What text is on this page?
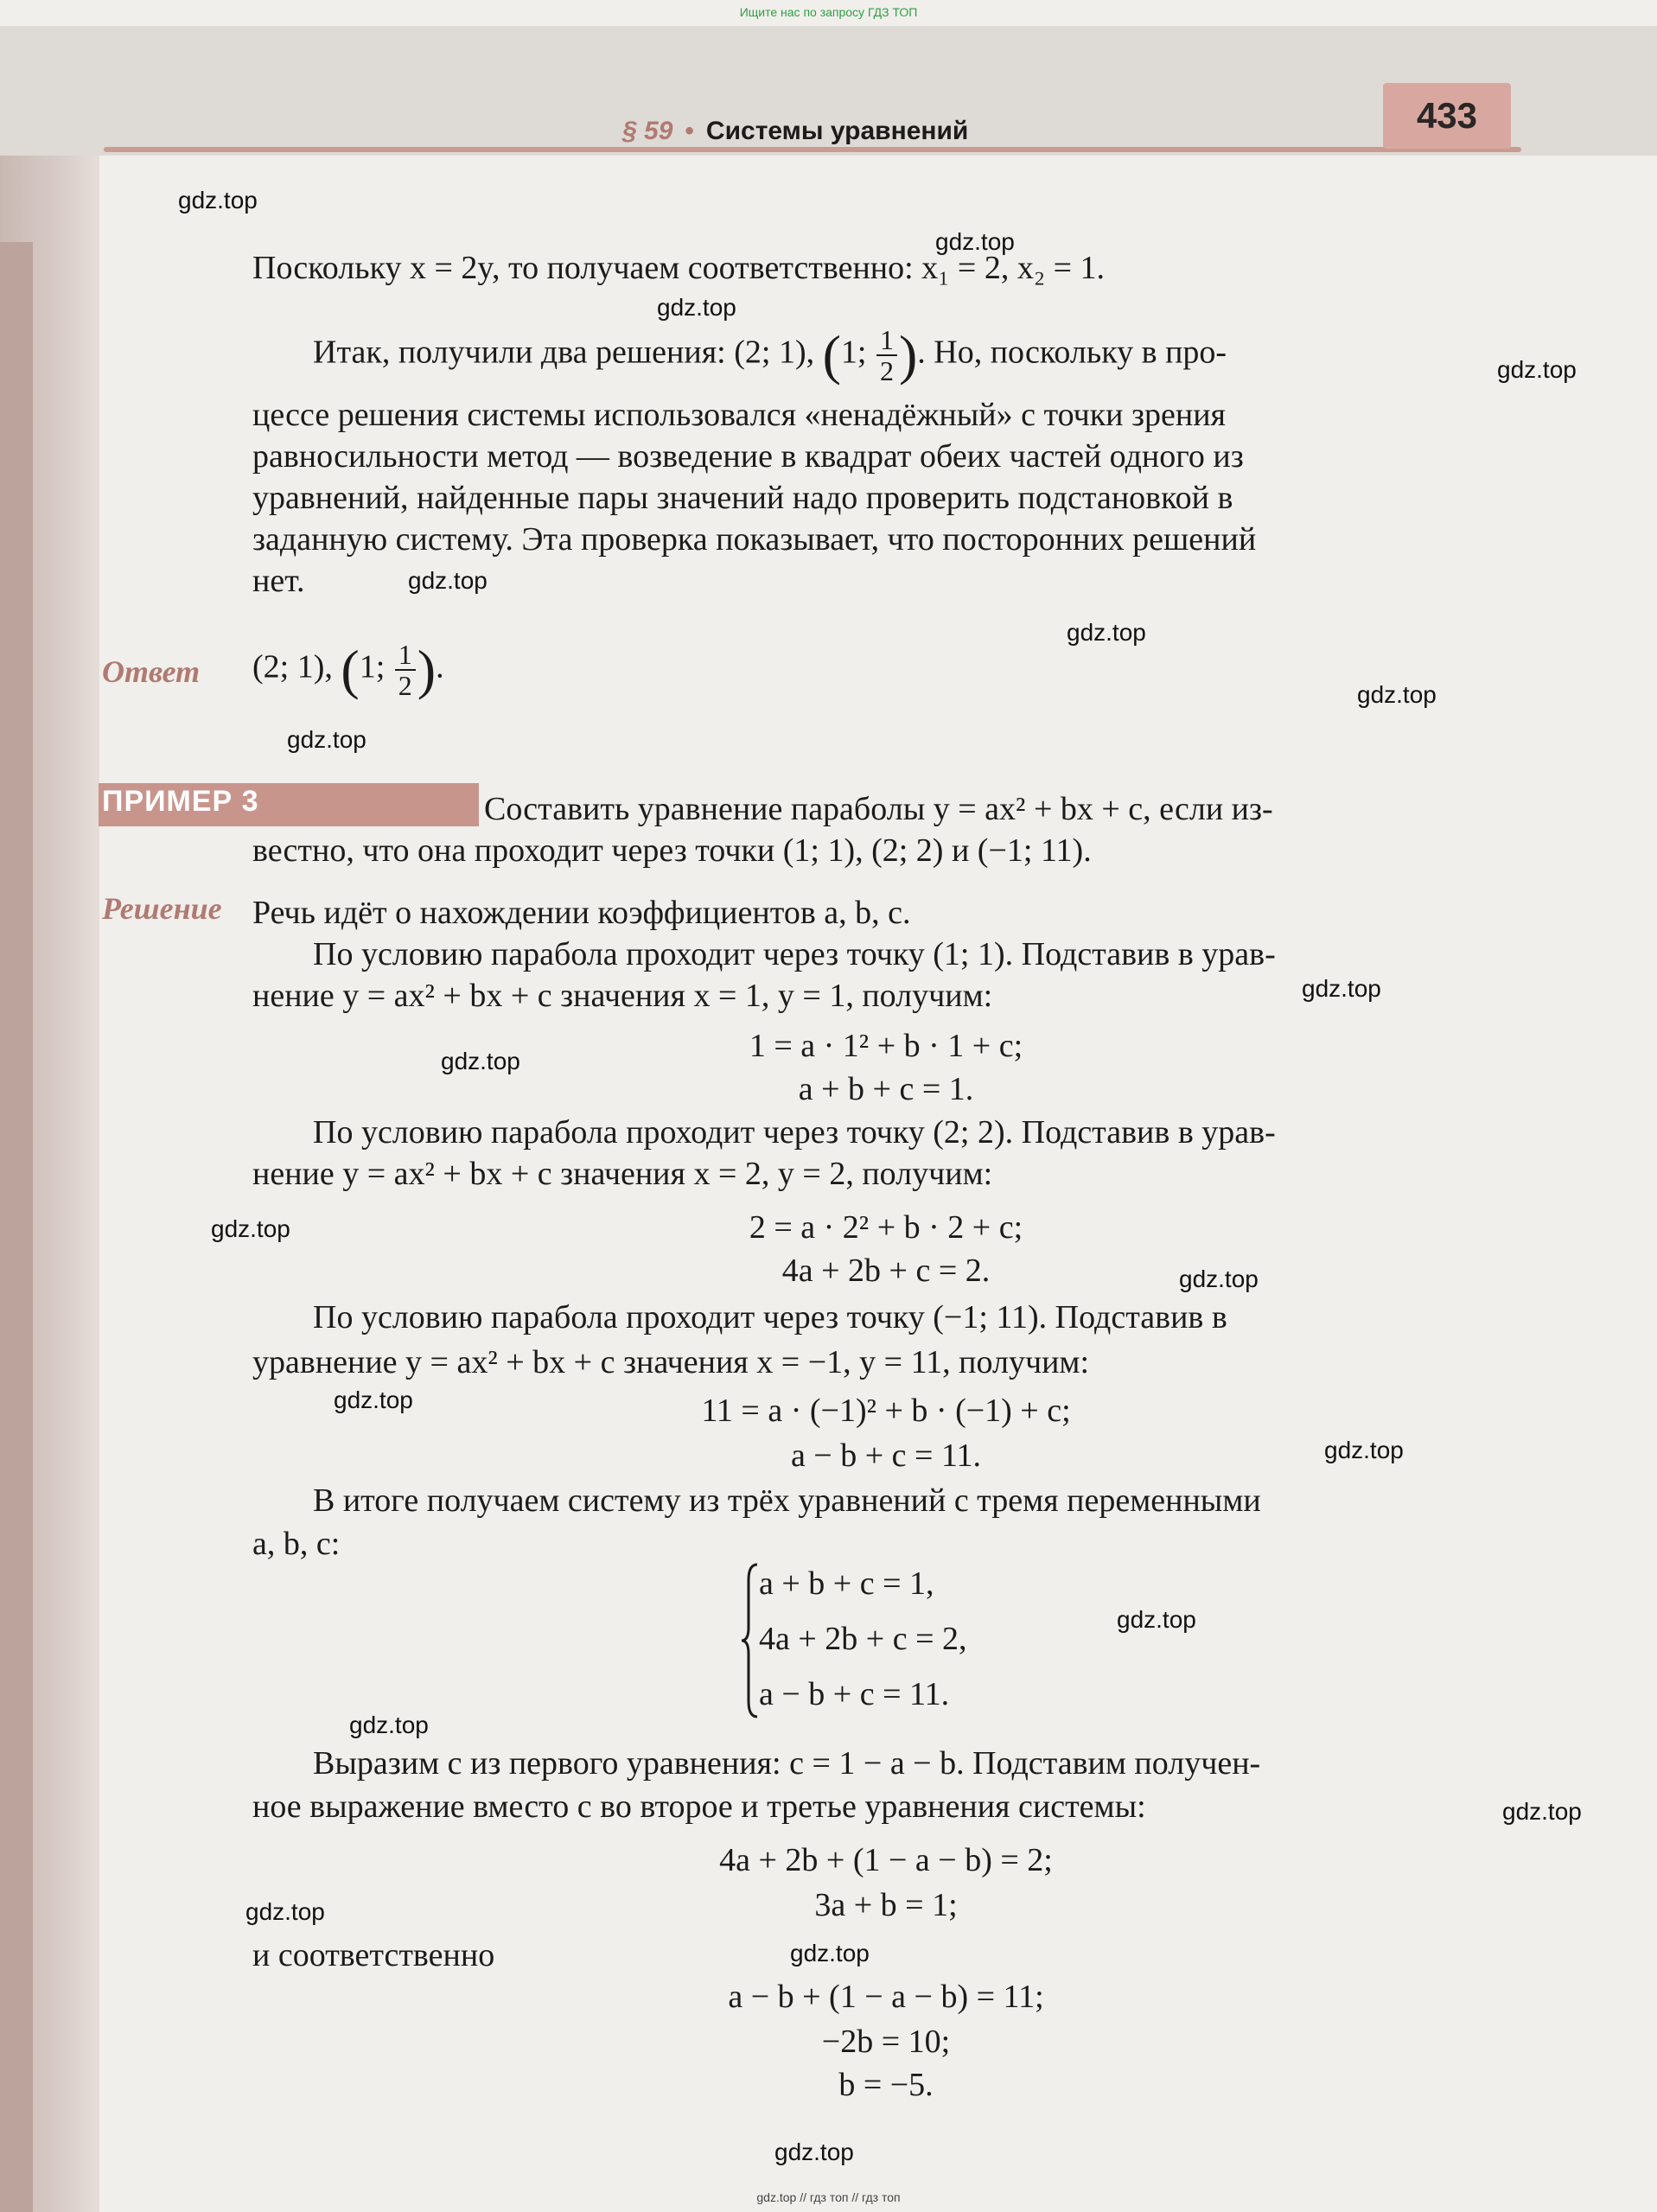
Ищите нас по запросу ГДЗ ТОП
§ 59 • Системы уравнений	433
Поскольку x = 2y, то получаем соответственно: x₁ = 2, x₂ = 1.
Итак, получили два решения: (2; 1), (1; $\frac{1}{2}$ ). Но, поскольку в про-
цессе решения системы использовался «ненадёжный» с точки зрения
равносильности метод — возведение в квадрат обеих частей одного из
уравнений, найденные пары значений надо проверить подстановкой в
заданную систему. Эта проверка показывает, что посторонних решений
нет.
Ответ (2; 1), (1; $\frac{1}{2}$ ).
ПРИМЕР 3	Составить уравнение параболы y = ax² + bx + c, если из-
вестно, что она проходит через точки (1; 1), (2; 2) и (−1; 11).
Решение Речь идёт о нахождении коэффициентов a, b, c.
По условию парабола проходит через точку (1; 1). Подставив в урав-
нение y = ax² + bx + c значения x = 1, y = 1, получим:
1 = a · 1² + b · 1 + c;
a + b + c = 1.
По условию парабола проходит через точку (2; 2). Подставив в урав-
нение y = ax² + bx + c значения x = 2, y = 2, получим:
2 = a · 2² + b · 2 + c;
4a + 2b + c = 2.
По условию парабола проходит через точку (−1; 11). Подставив в
уравнение y = ax² + bx + c значения x = −1, y = 11, получим:
11 = a · (−1)² + b · (−1) + c;
a − b + c = 11.
В итоге получаем систему из трёх уравнений с тремя переменными
a, b, c:
a + b + c = 1,
4a + 2b + c = 2,
a − b + c = 11.
Выразим c из первого уравнения: c = 1 − a − b. Подставим получен-
ное выражение вместо c во второе и третье уравнения системы:
4a + 2b + (1 − a − b) = 2;
3a + b = 1;
и соответственно
a − b + (1 − a − b) = 11;
−2b = 10;
b = −5.
gdz.top
gdz.top
gdz.top
gdz.top
gdz.top
gdz.top
gdz.top
gdz.top
gdz.top
gdz.top
gdz.top
gdz.top
gdz.top
gdz.top
gdz.top
gdz.top
gdz.top
gdz.top
gdz.top
gdz.top
gdz.top // гдз топ // гдз топ
